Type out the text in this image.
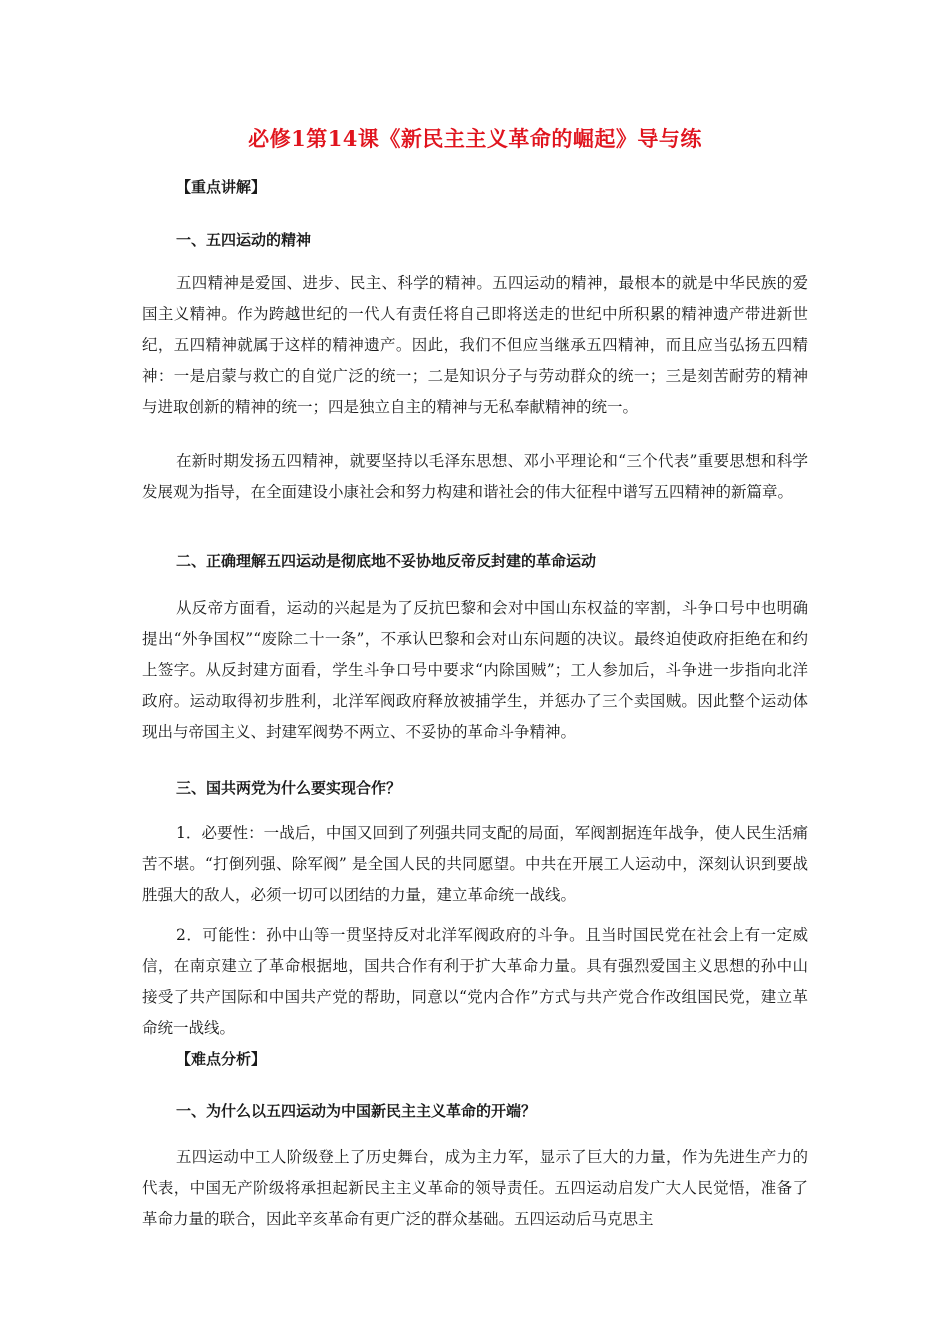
必修1第14课《新民主主义革命的崛起》导与练
【重点讲解】
一、五四运动的精神
五四精神是爱国、进步、民主、科学的精神。五四运动的精神，最根本的就是中华民族的爱国主义精神。作为跨越世纪的一代人有责任将自己即将送走的世纪中所积累的精神遗产带进新世纪，五四精神就属于这样的精神遗产。因此，我们不但应当继承五四精神，而且应当弘扬五四精神：一是启蒙与救亡的自觉广泛的统一；二是知识分子与劳动群众的统一；三是刻苦耐劳的精神与进取创新的精神的统一；四是独立自主的精神与无私奉献精神的统一。
在新时期发扬五四精神，就要坚持以毛泽东思想、邓小平理论和“三个代表”重要思想和科学发展观为指导，在全面建设小康社会和努力构建和谐社会的伟大征程中谱写五四精神的新篇章。
二、正确理解五四运动是彻底地不妥协地反帝反封建的革命运动
从反帝方面看，运动的兴起是为了反抗巴黎和会对中国山东权益的宰割，斗争口号中也明确提出“外争国权”“废除二十一条”，不承认巴黎和会对山东问题的决议。最终迫使政府拒绝在和约上签字。从反封建方面看，学生斗争口号中要求“内除国贼”；工人参加后，斗争进一步指向北洋政府。运动取得初步胜利，北洋军阀政府释放被捕学生，并惩办了三个卖国贼。因此整个运动体现出与帝国主义、封建军阀势不两立、不妥协的革命斗争精神。
三、国共两党为什么要实现合作？
1．必要性：一战后，中国又回到了列强共同支配的局面，军阀割据连年战争，使人民生活痛苦不堪。“打倒列强、除军阀” 是全国人民的共同愿望。中共在开展工人运动中，深刻认识到要战胜强大的敌人，必须一切可以团结的力量，建立革命统一战线。
2．可能性：孙中山等一贯坚持反对北洋军阀政府的斗争。且当时国民党在社会上有一定威信，在南京建立了革命根据地，国共合作有利于扩大革命力量。具有强烈爱国主义思想的孙中山接受了共产国际和中国共产党的帮助，同意以“党内合作”方式与共产党合作改组国民党，建立革命统一战线。
【难点分析】
一、为什么以五四运动为中国新民主主义革命的开端？
五四运动中工人阶级登上了历史舞台，成为主力军，显示了巨大的力量，作为先进生产力的代表，中国无产阶级将承担起新民主主义革命的领导责任。五四运动启发广大人民觉悟，准备了革命力量的联合，因此辛亥革命有更广泛的群众基础。五四运动后马克思主
